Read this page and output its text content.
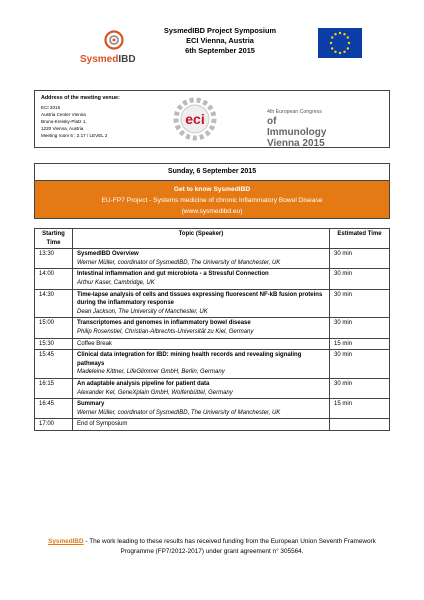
SysmedIBD
SysmedIBD Project Symposium
ECI Vienna, Austria
6th September 2015
Address of the meeting venue:
ECI 2015
Austria Center Vienna
Bruno-Kreisky-Platz 1,
1220 Vienna, Austria
Meeting room 5 : 2.17 / LEVEL 2
eci	4th European Congress
of Immunology
Vienna 2015
Sunday, 6 September 2015
Get to know SysmedIBD
EU-FP7 Project - Systems medicine of chronic Inflammatory Bowel Disease
(www.sysmedibd.eu)
Starting Time	Topic (Speaker)	Estimated Time
13:30	SysmedIBD Overview
Werner Müller, coordinator of SysmedIBD, The University of Manchester, UK	30 min
14:00	Intestinal inflammation and gut microbiota - a Stressful Connection
Arthur Kaser, Cambridge, UK	30 min
14:30	Time-lapse analysis of cells and tissues expressing fluorescent NF-kB fusion proteins during the inflammatory response
Dean Jackson, The University of Manchester, UK	30 min
15:00	Transcriptomes and genomes in inflammatory bowel disease
Philip Rosenstiel, Christian-Albrechts-Universität zu Kiel, Germany	30 min
15:30	Coffee Break	15 min
15:45	Clinical data integration for IBD: mining health records and revealing signaling pathways
Madeleine Kittner, LifeGlimmer GmbH, Berlin, Germany	30 min
16:15	An adaptable analysis pipeline for patient data
Alexander Kel, GeneXplain GmbH, Wolfenbüttel, Germany	30 min
16:45	Summary
Werner Müller, coordinator of SysmedIBD, The University of Manchester, UK	15 min
17:00	End of Symposium	

SysmedIBD - The work leading to these results has received funding from the European Union Seventh Framework Programme (FP7/2012-2017) under grant agreement n° 305564.
